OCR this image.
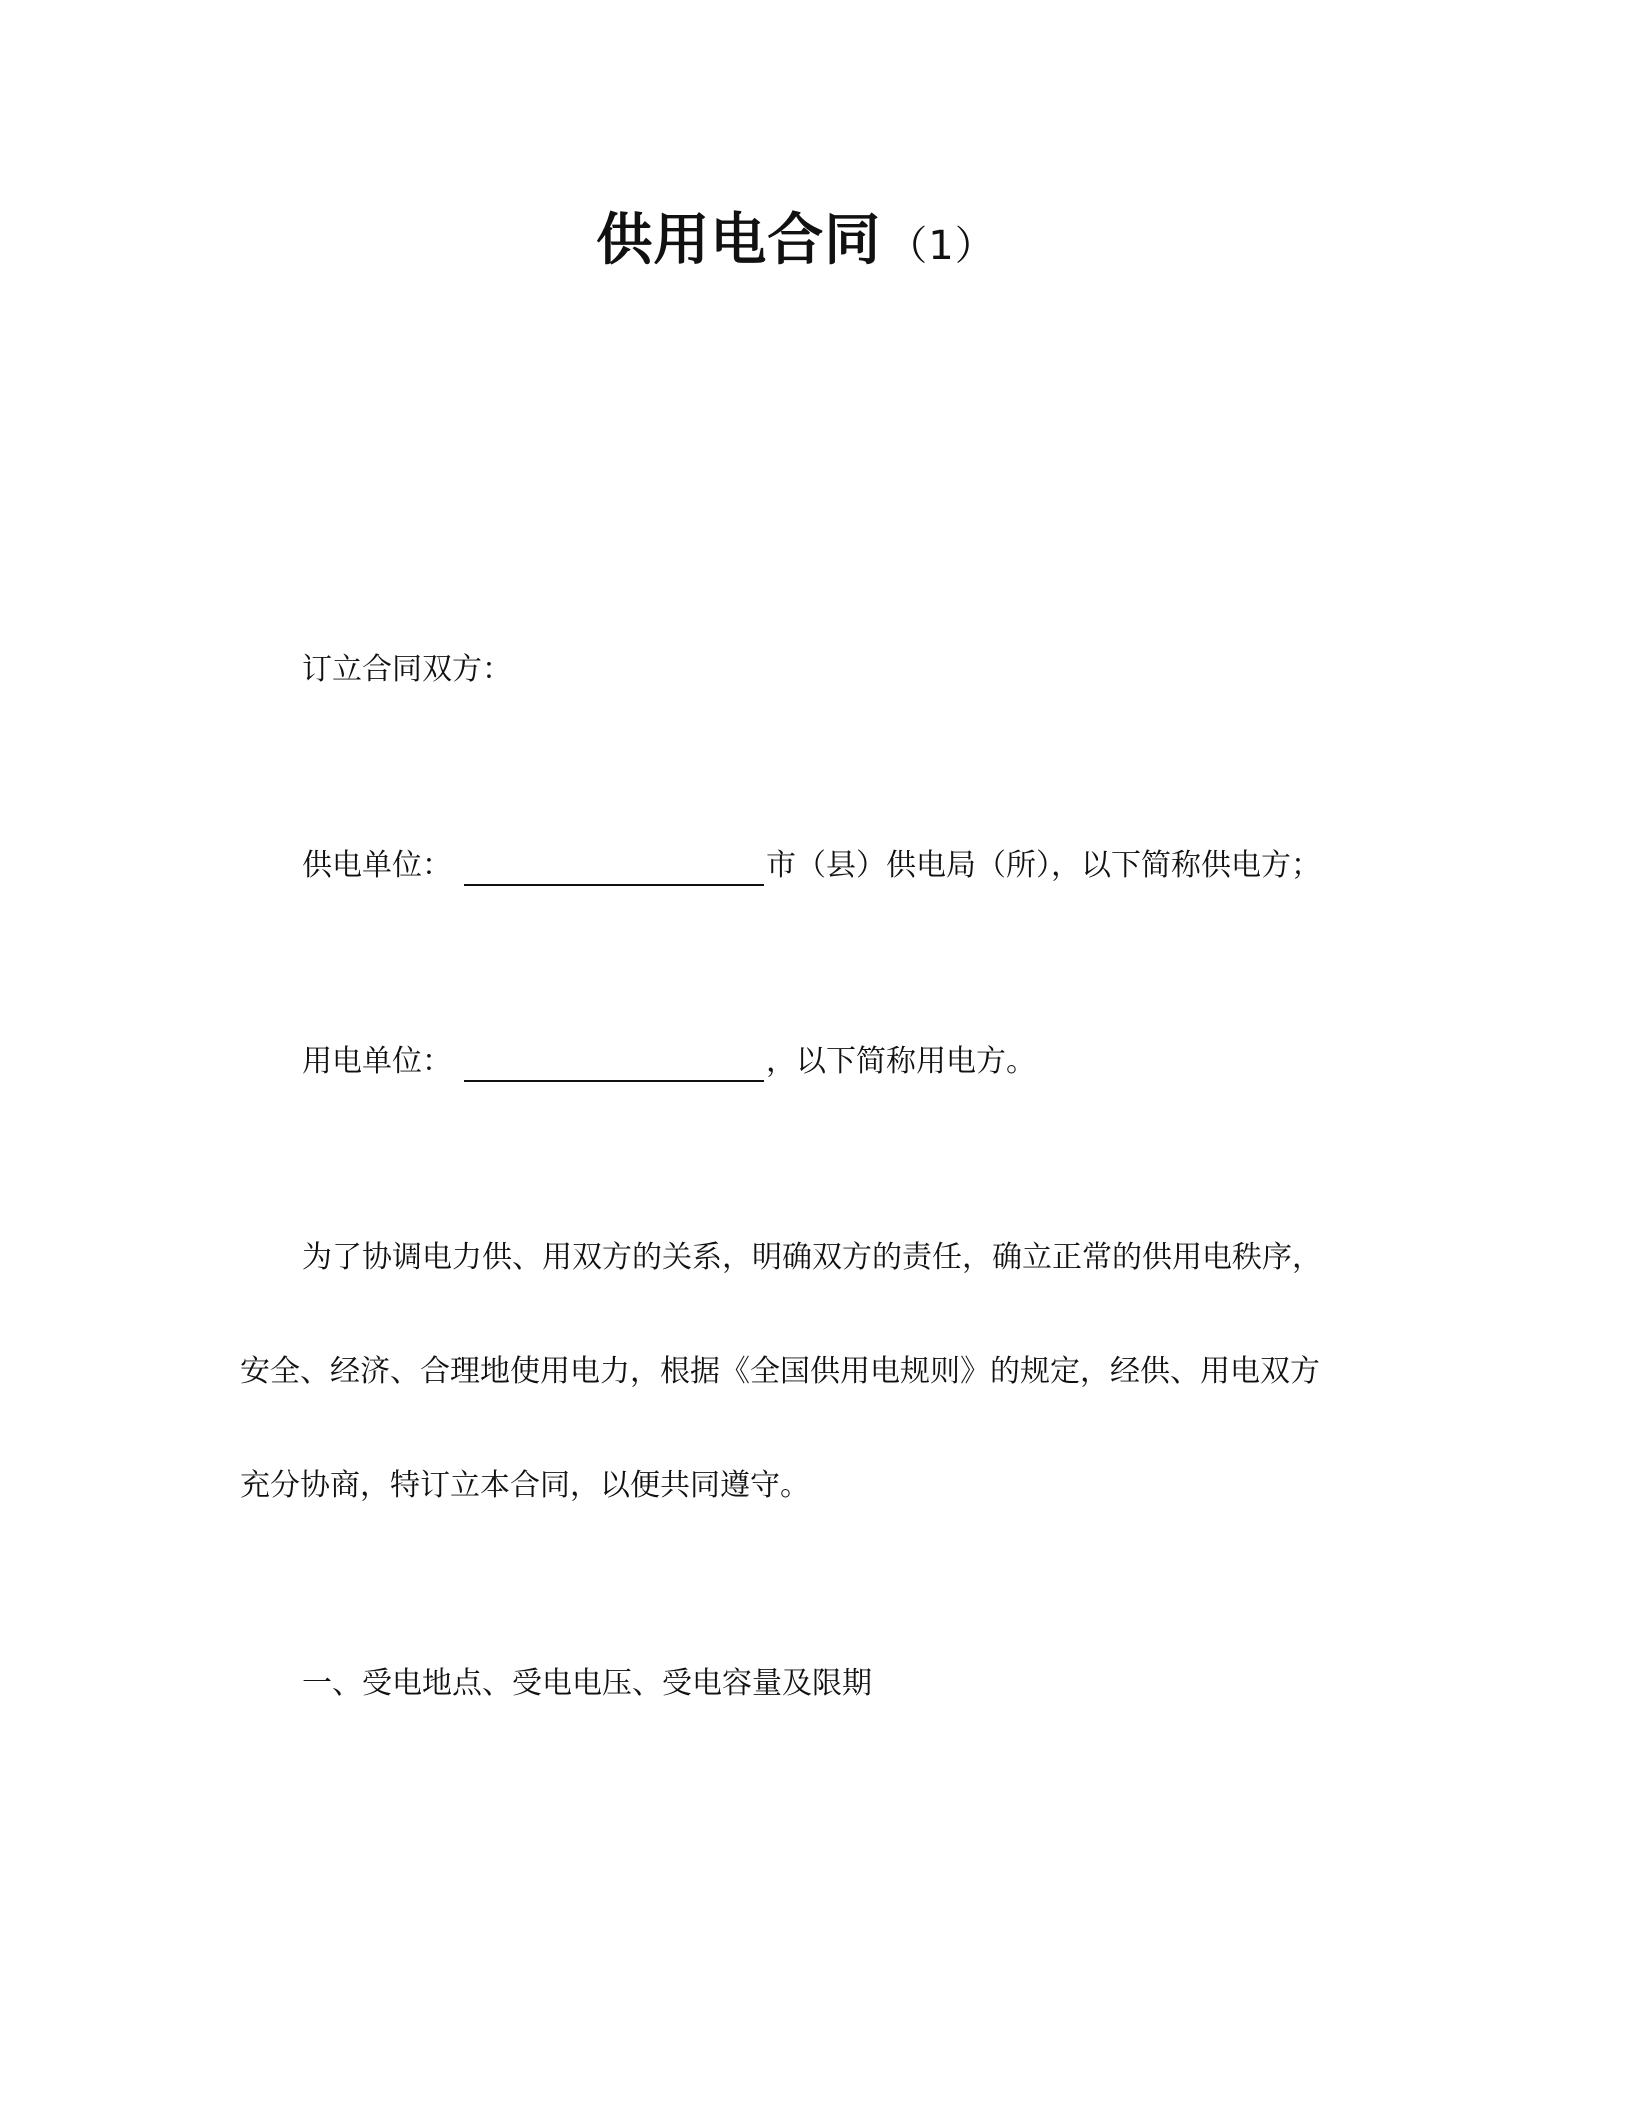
供用电合同 （1）
订立合同双方：
供电单位：	市（县）供电局（所），以下简称供电方；
用电单位：	，以下简称用电方。
为了协调电力供、用双方的关系，明确双方的责任，确立正常的供用电秩序，
安全、经济、合理地使用电力，根据《全国供用电规则》的规定，经供、用电双方
充分协商，特订立本合同，以便共同遵守。
一、受电地点、受电电压、受电容量及限期
